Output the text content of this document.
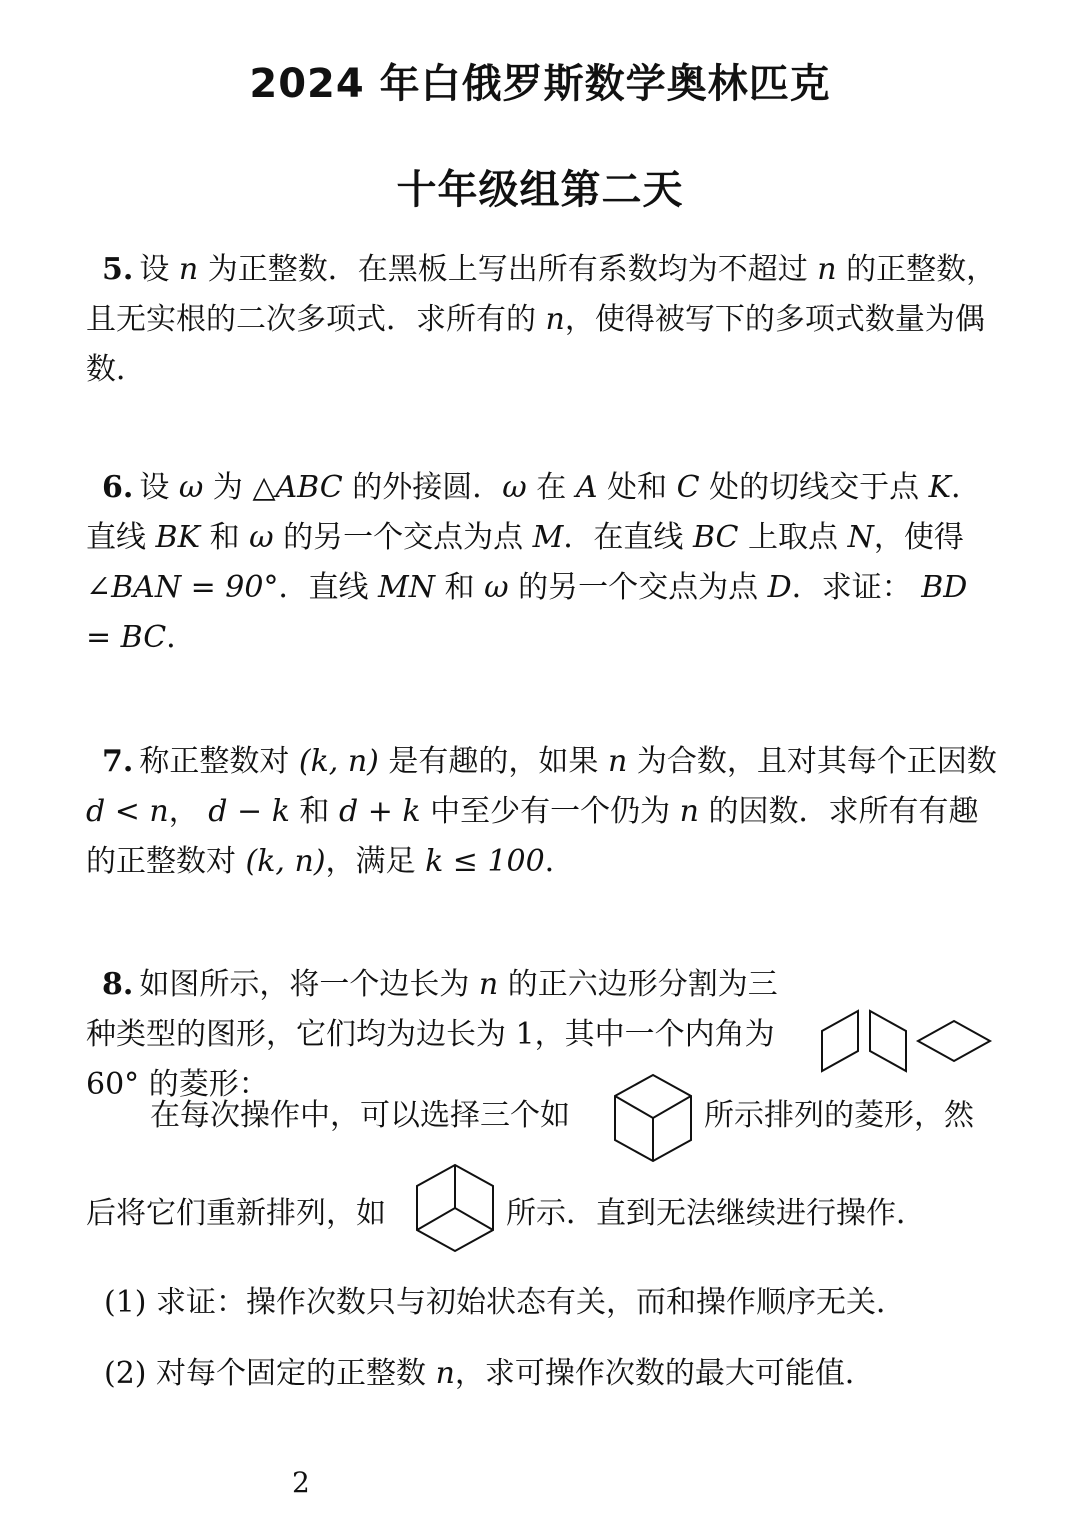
2024 年白俄罗斯数学奥林匹克
十年级组第二天
5. 设 n 为正整数．在黑板上写出所有系数均为不超过 n 的正整数，且无实根的二次多项式．求所有的 n，使得被写下的多项式数量为偶数．
6. 设 ω 为 △ABC 的外接圆．ω 在 A 处和 C 处的切线交于点 K．直线 BK 和 ω 的另一个交点为点 M．在直线 BC 上取点 N，使得 ∠BAN = 90°．直线 MN 和 ω 的另一个交点为点 D．求证： BD = BC．
7. 称正整数对 (k, n) 是有趣的，如果 n 为合数，且对其每个正因数 d < n， d − k 和 d + k 中至少有一个仍为 n 的因数．求所有有趣的正整数对 (k, n)，满足 k ≤ 100．
8. 如图所示，将一个边长为 n 的正六边形分割为三种类型的图形，它们均为边长为 1，其中一个内角为 60° 的菱形：
在每次操作中，可以选择三个如	所示排列的菱形，然
后将它们重新排列，如	所示．直到无法继续进行操作．
(1) 求证：操作次数只与初始状态有关，而和操作顺序无关．
(2) 对每个固定的正整数 n，求可操作次数的最大可能值．
2
